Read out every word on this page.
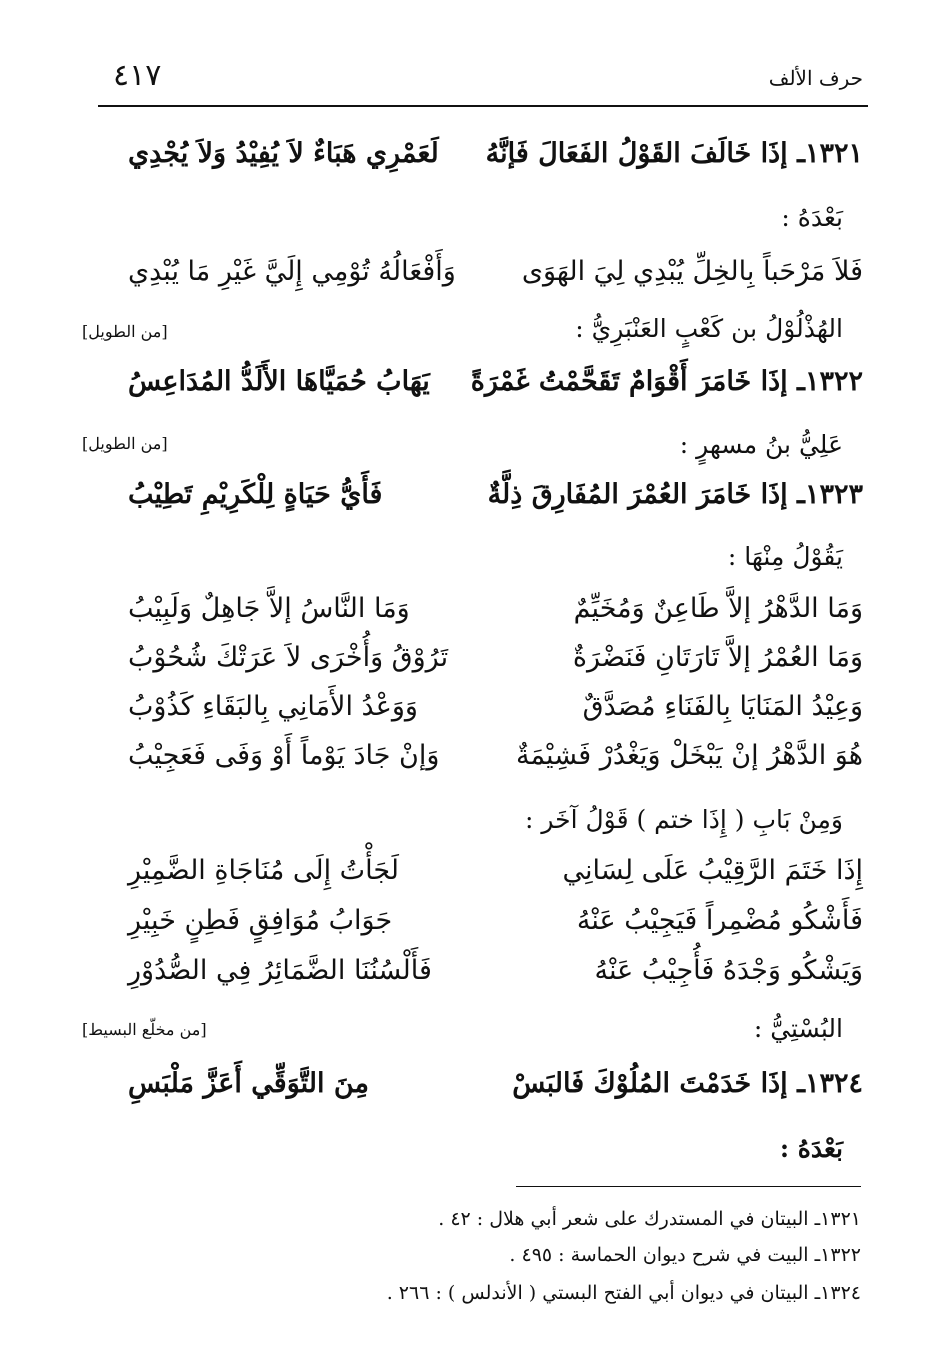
حرف الألف
٤١٧
١٣٢١ـ إذَا خَالَفَ القَوْلُ الفَعَالَ فَإنَّهُ
لَعَمْرِي هَبَاءٌ لاَ يُفِيْدُ وَلاَ يُجْدِي
بَعْدَهُ :
فَلاَ مَرْحَباً بِالخِلِّ يُبْدِي لِيَ الهَوَى
وَأَفْعَالُهُ تُوْمِي إِلَيَّ غَيْرِ مَا يُبْدِي
الهُذْلُوْلُ بن كَعْبٍ العَنْبَرِيُّ :
[من الطويل]
١٣٢٢ـ إذَا خَامَرَ أَقْوَامٌ تَقَحَّمْتُ غَمْرَةً
يَهَابُ حُمَيَّاهَا الأَلَدُّ المُدَاعِسُ
عَلِيُّ بنُ مسهرٍ :
[من الطويل]
١٣٢٣ـ إذَا خَامَرَ العُمْرَ المُفَارِقَ ذِلَّةٌ
فَأَيُّ حَيَاةٍ لِلْكَرِيْمِ تَطِيْبُ
يَقُوْلُ مِنْهَا :
وَمَا الدَّهْرُ إلاَّ طَاعِنٌ وَمُخَيِّمٌ
وَمَا النَّاسُ إلاَّ جَاهِلٌ وَلَبِيْبُ
وَمَا العُمْرُ إلاَّ تَارَتَانِ فَنَضْرَةٌ
تَرُوْقُ وَأُخْرَى لاَ عَرَتْكَ شُحُوْبُ
وَعِيْدُ المَنَايَا بِالفَنَاءِ مُصَدَّقٌ
وَوَعْدُ الأَمَانِي بِالبَقَاءِ كَذُوْبُ
هُوَ الدَّهْرُ إنْ يَبْخَلْ وَيَغْدُرْ فَشِيْمَةٌ
وَإنْ جَادَ يَوْماً أَوْ وَفَى فَعَجِيْبُ
وَمِنْ بَابِ ( إِذَا ختم ) قَوْلُ آخَر :
إِذَا خَتَمَ الرَّقِيْبُ عَلَى لِسَانِي
لَجَأْتُ إِلَى مُنَاجَاةِ الضَّمِيْرِ
فَأَشْكُو مُضْمِراً فَيَجِيْبُ عَنْهُ
جَوَابُ مُوَافِقٍ فَطِنٍ خَبِيْرِ
وَيَشْكُو وَجْدَهُ فَأُجِيْبُ عَنْهُ
فَأَلْسُنُنَا الضَّمَائِرُ فِي الصُّدُوْرِ
البُسْتِيُّ :
[من مخلّع البسيط]
١٣٢٤ـ إذَا خَدَمْتَ المُلُوْكَ فَالبَسْ
مِنَ التَّوَقِّي أَعَزَّ مَلْبَسِ
بَعْدَهُ :
١٣٢١ـ البيتان في المستدرك على شعر أبي هلال : ٤٢ .
١٣٢٢ـ البيت في شرح ديوان الحماسة : ٤٩٥ .
١٣٢٤ـ البيتان في ديوان أبي الفتح البستي ( الأندلس ) : ٢٦٦ .
